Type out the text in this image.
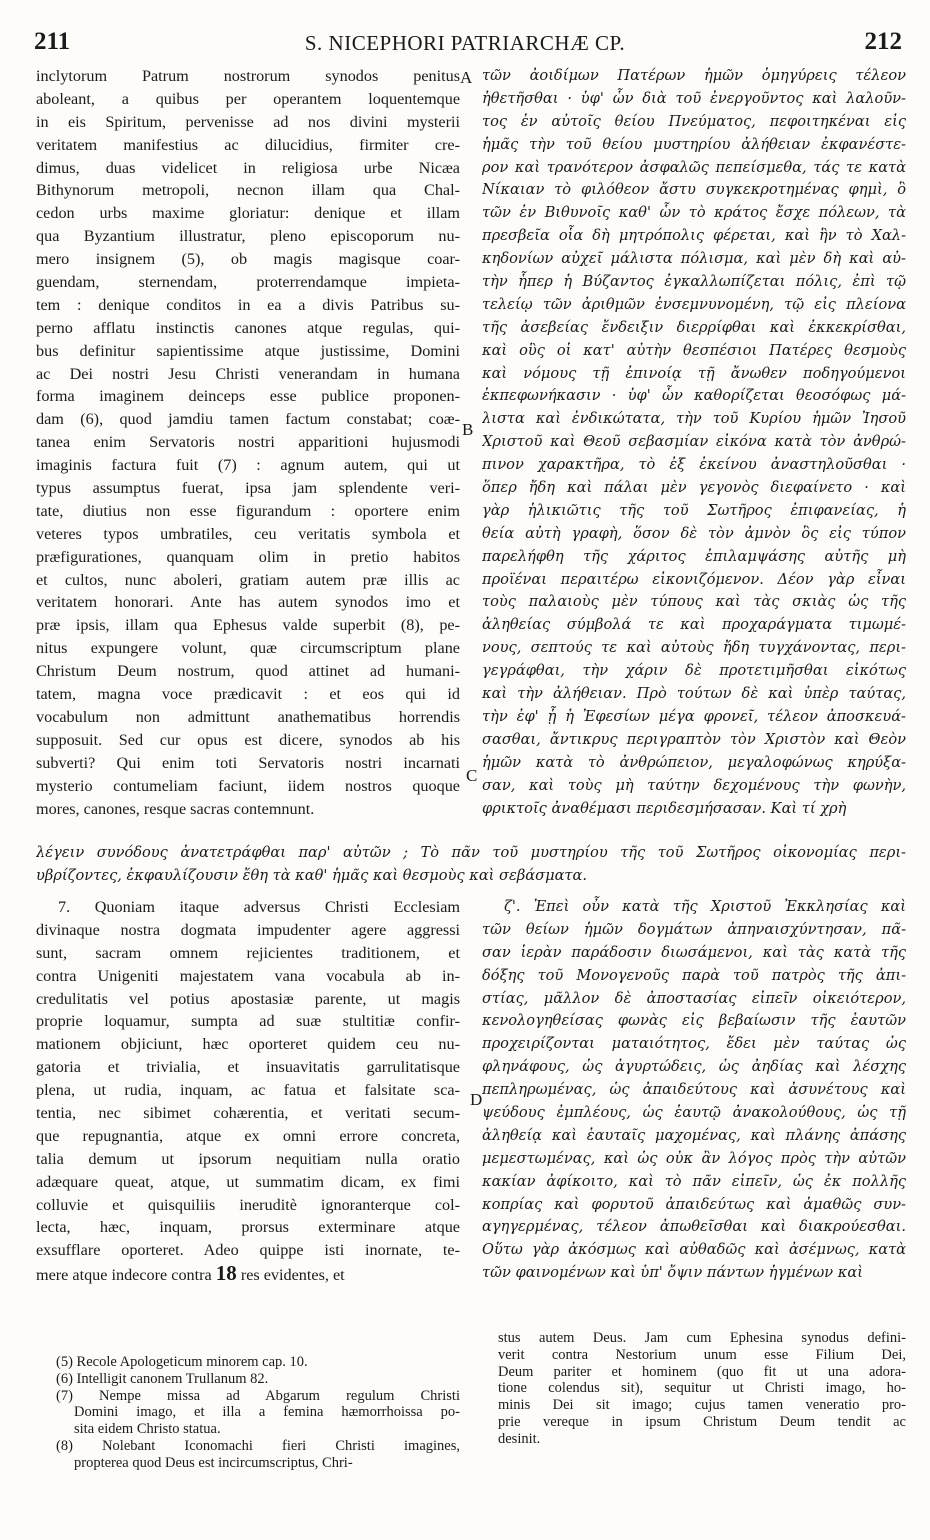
211	S. NICEPHORI PATRIARCHÆ CP.	212
inclytorum Patrum nostrorum synodos penitus
aboleant, a quibus per operantem loquentemque
in eis Spiritum, pervenisse ad nos divini mysterii
veritatem manifestius ac dilucidius, firmiter cre-
dimus, duas videlicet in religiosa urbe Nicæa
Bithynorum metropoli, necnon illam qua Chal-
cedon urbs maxime gloriatur: denique et illam
qua Byzantium illustratur, pleno episcoporum nu-
mero insignem (5), ob magis magisque coar-
guendam, sternendam, proterrendamque impieta-
tem : denique conditos in ea a divis Patribus su-
perno afflatu instinctis canones atque regulas, qui-
bus definitur sapientissime atque justissime, Domini
ac Dei nostri Jesu Christi venerandam in humana
forma imaginem deinceps esse publice proponen-
dam (6), quod jamdiu tamen factum constabat; coæ-
tanea enim Servatoris nostri apparitioni hujusmodi
imaginis factura fuit (7) : agnum autem, qui ut
typus assumptus fuerat, ipsa jam splendente veri-
tate, diutius non esse figurandum : oportere enim
veteres typos umbratiles, ceu veritatis symbola et
præfigurationes, quanquam olim in pretio habitos
et cultos, nunc aboleri, gratiam autem præ illis ac
veritatem honorari. Ante has autem synodos imo et
præ ipsis, illam qua Ephesus valde superbit (8), pe-
nitus expungere volunt, quæ circumscriptum plane
Christum Deum nostrum, quod attinet ad humani-
tatem, magna voce prædicavit : et eos qui id
vocabulum non admittunt anathematibus horrendis
supposuit. Sed cur opus est dicere, synodos ab his
subverti? Qui enim toti Servatoris nostri incarnati
mysterio contumeliam faciunt, iidem nostros quoque
mores, canones, resque sacras contemnunt.
τῶν ἀοιδίμων Πατέρων ἡμῶν ὁμηγύρεις τέλεον
ἠθετῆσθαι · ὑφ' ὧν διὰ τοῦ ἐνεργοῦντος καὶ λαλοῦν-
τος ἐν αὐτοῖς θείου Πνεύματος, πεφοιτηκέναι εἰς
ἡμᾶς τὴν τοῦ θείου μυστηρίου ἀλήθειαν ἐκφανέστε-
ρον καὶ τρανότερον ἀσφαλῶς πεπείσμεθα, τάς τε κατὰ
Νίκαιαν τὸ φιλόθεον ἄστυ συγκεκροτημένας φημὶ, ὃ
τῶν ἐν Βιθυνοῖς καθ' ὧν τὸ κράτος ἔσχε πόλεων, τὰ
πρεσβεῖα οἷα δὴ μητρόπολις φέρεται, καὶ ἣν τὸ Χαλ-
κηδονίων αὐχεῖ μάλιστα πόλισμα, καὶ μὲν δὴ καὶ αὐ-
τὴν ἧπερ ἡ Βύζαντος ἐγκαλλωπίζεται πόλις, ἐπὶ τῷ
τελείῳ τῶν ἀριθμῶν ἐνσεμνυνομένη, τῷ εἰς πλείονα
τῆς ἀσεβείας ἔνδειξιν διερρίφθαι καὶ ἐκκεκρίσθαι,
καὶ οὓς οἱ κατ' αὐτὴν θεσπέσιοι Πατέρες θεσμοὺς
καὶ νόμους τῇ ἐπινοίᾳ τῇ ἄνωθεν ποδηγούμενοι
ἐκπεφωνήκασιν · ὑφ' ὧν καθορίζεται θεοσόφως μά-
λιστα καὶ ἐνδικώτατα, τὴν τοῦ Κυρίου ἡμῶν Ἰησοῦ
Χριστοῦ καὶ Θεοῦ σεβασμίαν εἰκόνα κατὰ τὸν ἀνθρώ-
πινον χαρακτῆρα, τὸ ἐξ ἐκείνου ἀναστηλοῦσθαι ·
ὅπερ ἤδη καὶ πάλαι μὲν γεγονὸς διεφαίνετο · καὶ
γὰρ ἡλικιῶτις τῆς τοῦ Σωτῆρος ἐπιφανείας, ἡ
θεία αὐτὴ γραφὴ, ὅσον δὲ τὸν ἀμνὸν ὃς εἰς τύπον
παρελήφθη τῆς χάριτος ἐπιλαμψάσης αὐτῆς μὴ
προϊέναι περαιτέρω εἰκονιζόμενον. Δέον γὰρ εἶναι
τοὺς παλαιοὺς μὲν τύπους καὶ τὰς σκιὰς ὡς τῆς
ἀληθείας σύμβολά τε καὶ προχαράγματα τιμωμέ-
νους, σεπτούς τε καὶ αὐτοὺς ἤδη τυγχάνοντας, περι-
γεγράφθαι, τὴν χάριν δὲ προτετιμῆσθαι εἰκότως
καὶ τὴν ἀλήθειαν. Πρὸ τούτων δὲ καὶ ὑπὲρ ταύτας,
τὴν ἐφ' ᾗ ἡ Ἐφεσίων μέγα φρονεῖ, τέλεον ἀποσκευά-
σασθαι, ἄντικρυς περιγραπτὸν τὸν Χριστὸν καὶ Θεὸν
ἡμῶν κατὰ τὸ ἀνθρώπειον, μεγαλοφώνως κηρύξα-
σαν, καὶ τοὺς μὴ ταύτην δεχομένους τὴν φωνὴν,
φρικτοῖς ἀναθέμασι περιδεσμήσασαν. Καὶ τί χρὴ
A
B
C
D
λέγειν συνόδους ἀνατετράφθαι παρ' αὐτῶν ; Τὸ πᾶν τοῦ μυστηρίου τῆς τοῦ Σωτῆρος οἰκονομίας περι-
υβρίζοντες, ἐκφαυλίζουσιν ἔθη τὰ καθ' ἡμᾶς καὶ θεσμοὺς καὶ σεβάσματα.
7. Quoniam itaque adversus Christi Ecclesiam
divinaque nostra dogmata impudenter agere aggressi
sunt, sacram omnem rejicientes traditionem, et
contra Unigeniti majestatem vana vocabula ab in-
credulitatis vel potius apostasiæ parente, ut magis
proprie loquamur, sumpta ad suæ stultitiæ confir-
mationem objiciunt, hæc oporteret quidem ceu nu-
gatoria et trivialia, et insuavitatis garrulitatisque
plena, ut rudia, inquam, ac fatua et falsitate sca-
tentia, nec sibimet cohærentia, et veritati secum-
que repugnantia, atque ex omni errore concreta,
talia demum ut ipsorum nequitiam nulla oratio
adæquare queat, atque, ut summatim dicam, ex fimi
colluvie et quisquiliis ineruditè ignoranterque col-
lecta, hæc, inquam, prorsus exterminare atque
exsufflare oporteret. Adeo quippe isti inornate, te-
mere atque indecore contra 18 res evidentes, et
ζ'. Ἐπεὶ οὖν κατὰ τῆς Χριστοῦ Ἐκκλησίας καὶ
τῶν θείων ἡμῶν δογμάτων ἀπηναισχύντησαν, πᾶ-
σαν ἱερὰν παράδοσιν διωσάμενοι, καὶ τὰς κατὰ τῆς
δόξης τοῦ Μονογενοῦς παρὰ τοῦ πατρὸς τῆς ἀπι-
στίας, μᾶλλον δὲ ἀποστασίας εἰπεῖν οἰκειότερον,
κενολογηθείσας φωνὰς εἰς βεβαίωσιν τῆς ἑαυτῶν
προχειρίζονται ματαιότητος, ἔδει μὲν ταύτας ὡς
φληνάφους, ὡς ἀγυρτώδεις, ὡς ἀηδίας καὶ λέσχης
πεπληρωμένας, ὡς ἀπαιδεύτους καὶ ἀσυνέτους καὶ
ψεύδους ἐμπλέους, ὡς ἑαυτῷ ἀνακολούθους, ὡς τῇ
ἀληθείᾳ καὶ ἑαυταῖς μαχομένας, καὶ πλάνης ἁπάσης
μεμεστωμένας, καὶ ὡς οὐκ ἂν λόγος πρὸς τὴν αὐτῶν
κακίαν ἀφίκοιτο, καὶ τὸ πᾶν εἰπεῖν, ὡς ἐκ πολλῆς
κοπρίας καὶ φορυτοῦ ἀπαιδεύτως καὶ ἀμαθῶς συν-
αγηγερμένας, τέλεον ἀπωθεῖσθαι καὶ διακρούεσθαι.
Οὕτω γὰρ ἀκόσμως καὶ αὐθαδῶς καὶ ἀσέμνως, κατὰ
τῶν φαινομένων καὶ ὑπ' ὄψιν πάντων ἡγμένων καὶ
(5) Recole Apologeticum minorem cap. 10.
(6) Intelligit canonem Trullanum 82.
(7) Nempe missa ad Abgarum regulum Christi
Domini imago, et illa a femina hæmorrhoissa po-
sita eidem Christo statua.
(8) Nolebant Iconomachi fieri Christi imagines,
propterea quod Deus est incircumscriptus, Chri-
stus autem Deus. Jam cum Ephesina synodus defini-
verit contra Nestorium unum esse Filium Dei,
Deum pariter et hominem (quo fit ut una adora-
tione colendus sit), sequitur ut Christi imago, ho-
minis Dei sit imago; cujus tamen veneratio pro-
prie vereque in ipsum Christum Deum tendit ac
desinit.
